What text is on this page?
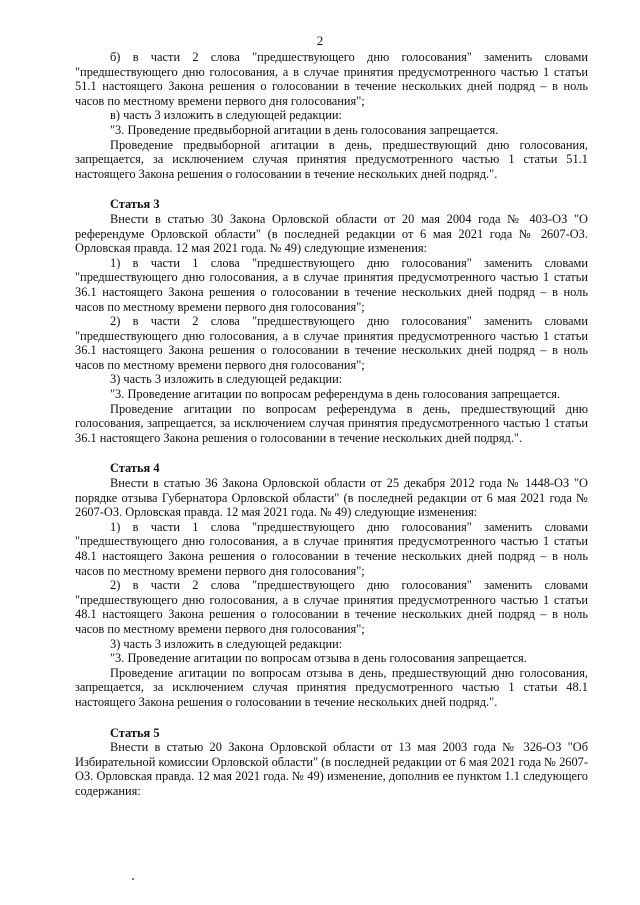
2

б) в части 2 слова "предшествующего дню голосования" заменить словами "предшествующего дню голосования, а в случае принятия предусмотренного частью 1 статьи 51.1 настоящего Закона решения о голосовании в течение нескольких дней подряд – в ноль часов по местному времени первого дня голосования";

в) часть 3 изложить в следующей редакции:

"3. Проведение предвыборной агитации в день голосования запрещается.

Проведение предвыборной агитации в день, предшествующий дню голосования, запрещается, за исключением случая принятия предусмотренного частью 1 статьи 51.1 настоящего Закона решения о голосовании в течение нескольких дней подряд.".

Статья 3

Внести в статью 30 Закона Орловской области от 20 мая 2004 года № 403-ОЗ "О референдуме Орловской области" (в последней редакции от 6 мая 2021 года № 2607-ОЗ. Орловская правда. 12 мая 2021 года. № 49) следующие изменения:

1) в части 1 слова "предшествующего дню голосования" заменить словами "предшествующего дню голосования, а в случае принятия предусмотренного частью 1 статьи 36.1 настоящего Закона решения о голосовании в течение нескольких дней подряд – в ноль часов по местному времени первого дня голосования";

2) в части 2 слова "предшествующего дню голосования" заменить словами "предшествующего дню голосования, а в случае принятия предусмотренного частью 1 статьи 36.1 настоящего Закона решения о голосовании в течение нескольких дней подряд – в ноль часов по местному времени первого дня голосования";

3) часть 3 изложить в следующей редакции:

"3. Проведение агитации по вопросам референдума в день голосования запрещается.

Проведение агитации по вопросам референдума в день, предшествующий дню голосования, запрещается, за исключением случая принятия предусмотренного частью 1 статьи 36.1 настоящего Закона решения о голосовании в течение нескольких дней подряд.".

Статья 4

Внести в статью 36 Закона Орловской области от 25 декабря 2012 года № 1448-ОЗ "О порядке отзыва Губернатора Орловской области" (в последней редакции от 6 мая 2021 года № 2607-ОЗ. Орловская правда. 12 мая 2021 года. № 49) следующие изменения:

1) в части 1 слова "предшествующего дню голосования" заменить словами "предшествующего дню голосования, а в случае принятия предусмотренного частью 1 статьи 48.1 настоящего Закона решения о голосовании в течение нескольких дней подряд – в ноль часов по местному времени первого дня голосования";

2) в части 2 слова "предшествующего дню голосования" заменить словами "предшествующего дню голосования, а в случае принятия предусмотренного частью 1 статьи 48.1 настоящего Закона решения о голосовании в течение нескольких дней подряд – в ноль часов по местному времени первого дня голосования";

3) часть 3 изложить в следующей редакции:

"3. Проведение агитации по вопросам отзыва в день голосования запрещается.

Проведение агитации по вопросам отзыва в день, предшествующий дню голосования, запрещается, за исключением случая принятия предусмотренного частью 1 статьи 48.1 настоящего Закона решения о голосовании в течение нескольких дней подряд.".

Статья 5

Внести в статью 20 Закона Орловской области от 13 мая 2003 года № 326-ОЗ "Об Избирательной комиссии Орловской области" (в последней редакции от 6 мая 2021 года № 2607-ОЗ. Орловская правда. 12 мая 2021 года. № 49) изменение, дополнив ее пунктом 1.1 следующего содержания:
